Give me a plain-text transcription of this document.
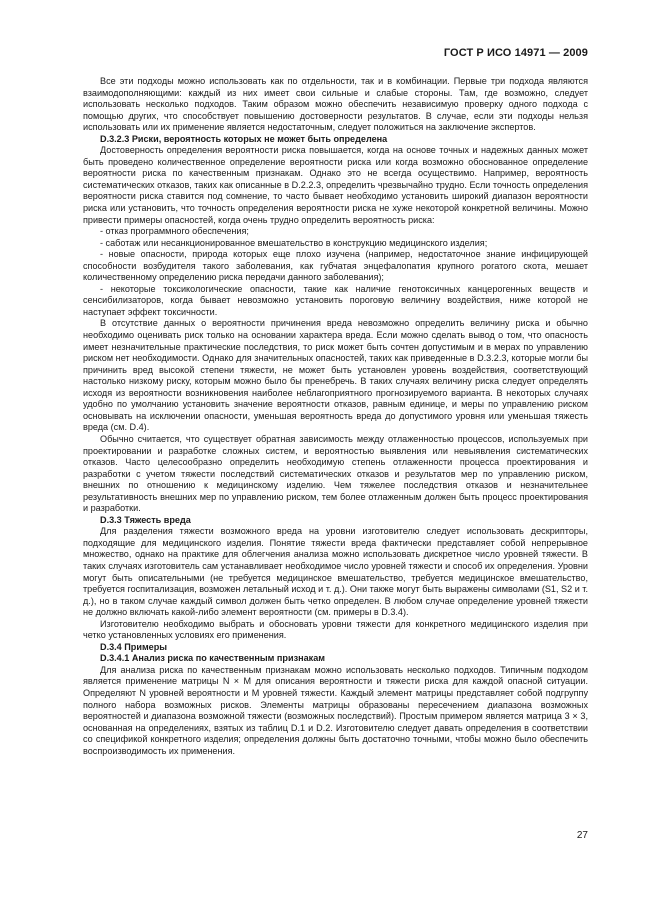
ГОСТ Р ИСО 14971 — 2009

Все эти подходы можно использовать как по отдельности, так и в комбинации. Первые три подхода являются взаимодополняющими: каждый из них имеет свои сильные и слабые стороны. Там, где возможно, следует использовать несколько подходов. Таким образом можно обеспечить независимую проверку одного подхода с помощью других, что способствует повышению достоверности результатов. В случае, если эти подходы нельзя использовать или их применение является недостаточным, следует положиться на заключение экспертов.

D.3.2.3 Риски, вероятность которых не может быть определена

Достоверность определения вероятности риска повышается, когда на основе точных и надежных данных может быть проведено количественное определение вероятности риска или когда возможно обоснованное определение вероятности риска по качественным признакам. Однако это не всегда осуществимо. Например, вероятность систематических отказов, таких как описанные в D.2.2.3, определить чрезвычайно трудно. Если точность определения вероятности риска ставится под сомнение, то часто бывает необходимо установить широкий диапазон вероятности риска или установить, что точность определения вероятности риска не хуже некоторой конкретной величины. Можно привести примеры опасностей, когда очень трудно определить вероятность риска:

- отказ программного обеспечения;

- саботаж или несанкционированное вмешательство в конструкцию медицинского изделия;

- новые опасности, природа которых еще плохо изучена (например, недостаточное знание инфицирующей способности возбудителя такого заболевания, как губчатая энцефалопатия крупного рогатого скота, мешает количественному определению риска передачи данного заболевания);

- некоторые токсикологические опасности, такие как наличие генотоксичных канцерогенных веществ и сенсибилизаторов, когда бывает невозможно установить пороговую величину воздействия, ниже которой не наступает эффект токсичности.

В отсутствие данных о вероятности причинения вреда невозможно определить величину риска и обычно необходимо оценивать риск только на основании характера вреда. Если можно сделать вывод о том, что опасность имеет незначительные практические последствия, то риск может быть сочтен допустимым и в мерах по управлению риском нет необходимости. Однако для значительных опасностей, таких как приведенные в D.3.2.3, которые могли бы причинить вред высокой степени тяжести, не может быть установлен уровень воздействия, соответствующий настолько низкому риску, которым можно было бы пренебречь. В таких случаях величину риска следует определять исходя из вероятности возникновения наиболее неблагоприятного прогнозируемого варианта. В некоторых случаях удобно по умолчанию установить значение вероятности отказов, равным единице, и меры по управлению риском основывать на исключении опасности, уменьшая вероятность вреда до допустимого уровня или уменьшая тяжесть вреда (см. D.4).

Обычно считается, что существует обратная зависимость между отлаженностью процессов, используемых при проектировании и разработке сложных систем, и вероятностью выявления или невыявления систематических отказов. Часто целесообразно определить необходимую степень отлаженности процесса проектирования и разработки с учетом тяжести последствий систематических отказов и результатов мер по управлению риском, внешних по отношению к медицинскому изделию. Чем тяжелее последствия отказов и незначительнее результативность внешних мер по управлению риском, тем более отлаженным должен быть процесс проектирования и разработки.

D.3.3 Тяжесть вреда

Для разделения тяжести возможного вреда на уровни изготовителю следует использовать дескрипторы, подходящие для медицинского изделия. Понятие тяжести вреда фактически представляет собой непрерывное множество, однако на практике для облегчения анализа можно использовать дискретное число уровней тяжести. В таких случаях изготовитель сам устанавливает необходимое число уровней тяжести и способ их определения. Уровни могут быть описательными (не требуется медицинское вмешательство, требуется медицинское вмешательство, требуется госпитализация, возможен летальный исход и т. д.). Они также могут быть выражены символами (S1, S2 и т. д.), но в таком случае каждый символ должен быть четко определен. В любом случае определение уровней тяжести не должно включать какой-либо элемент вероятности (см. примеры в D.3.4).

Изготовителю необходимо выбрать и обосновать уровни тяжести для конкретного медицинского изделия при четко установленных условиях его применения.

D.3.4 Примеры

D.3.4.1 Анализ риска по качественным признакам

Для анализа риска по качественным признакам можно использовать несколько подходов. Типичным подходом является применение матрицы N × M для описания вероятности и тяжести риска для каждой опасной ситуации. Определяют N уровней вероятности и M уровней тяжести. Каждый элемент матрицы представляет собой подгруппу полного набора возможных рисков. Элементы матрицы образованы пересечением диапазона возможных вероятностей и диапазона возможной тяжести (возможных последствий). Простым примером является матрица 3 × 3, основанная на определениях, взятых из таблиц D.1 и D.2. Изготовителю следует давать определения в соответствии со спецификой конкретного изделия; определения должны быть достаточно точными, чтобы можно было обеспечить воспроизводимость их применения.

27
